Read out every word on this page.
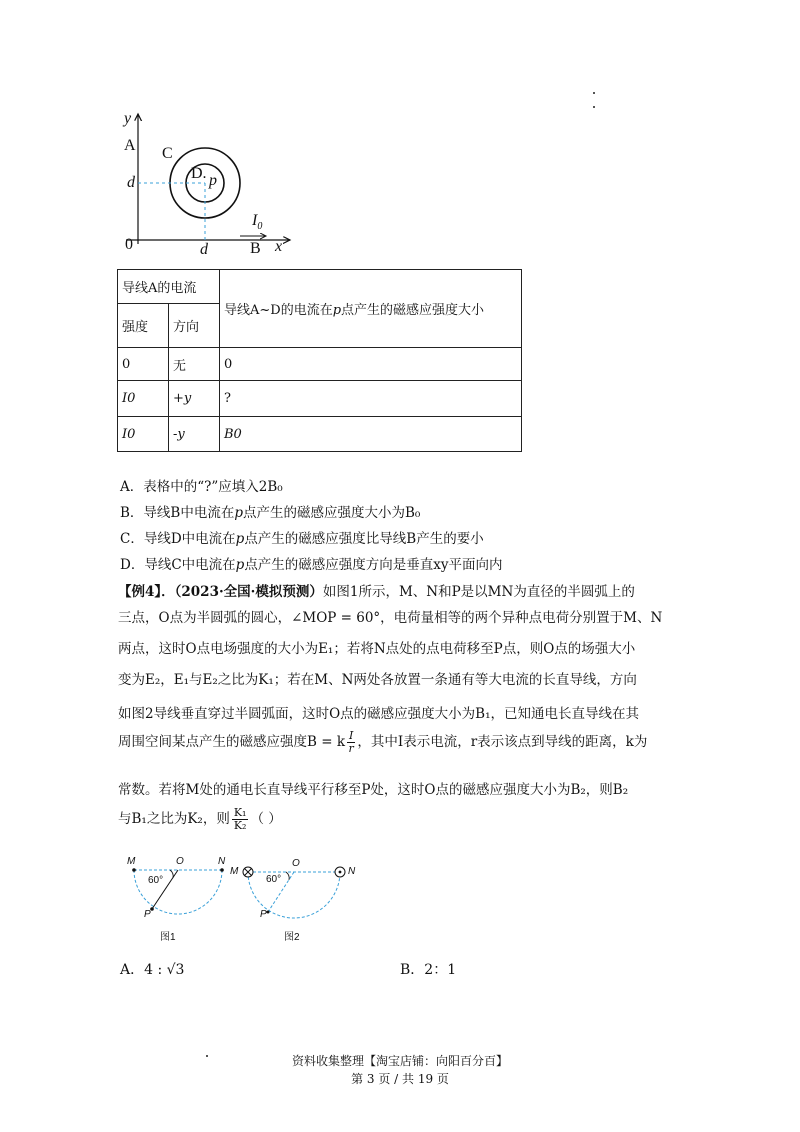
y
A C
D. p
d
0	d
$I_0$
B x
导线A的电流		导线A~D的电流在p点产生的磁感应强度大小
强度	方向	
0	无	0
I0	+y	?
I0	-y	B0
A．表格中的“?”应填入2B₀
B．导线B中电流在p点产生的磁感应强度大小为B₀
C．导线D中电流在p点产生的磁感应强度比导线B产生的要小
D．导线C中电流在p点产生的磁感应强度方向是垂直xy平面向内
【例4】．（2023·全国·模拟预测）如图1所示，M、N和P是以MN为直径的半圆弧上的
三点，O点为半圆弧的圆心，∠MOP = 60°，电荷量相等的两个异种点电荷分别置于M、N
两点，这时O点电场强度的大小为E₁；若将N点处的点电荷移至P点，则O点的场强大小
变为E₂，E₁与E₂之比为K₁；若在M、N两处各放置一条通有等大电流的长直导线，方向
如图2导线垂直穿过半圆弧面，这时O点的磁感应强度大小为B₁，已知通电长直导线在其
周围空间某点产生的磁感应强度B = k $\frac{I}{r}$ ，其中I表示电流，r表示该点到导线的距离，k为
常数。若将M处的通电长直导线平行移至P处，这时O点的磁感应强度大小为B₂，则B₂
与B₁之比为K₂，则 $\frac{\text{K₁}}{\text{K₂}}$ （ ）
M	O	N
60°
P
图1
M
O
N
60°
P
图2
A．4 : √3	B．2：1
资料收集整理【淘宝店铺：向阳百分百】
第 3 页 / 共 19 页
